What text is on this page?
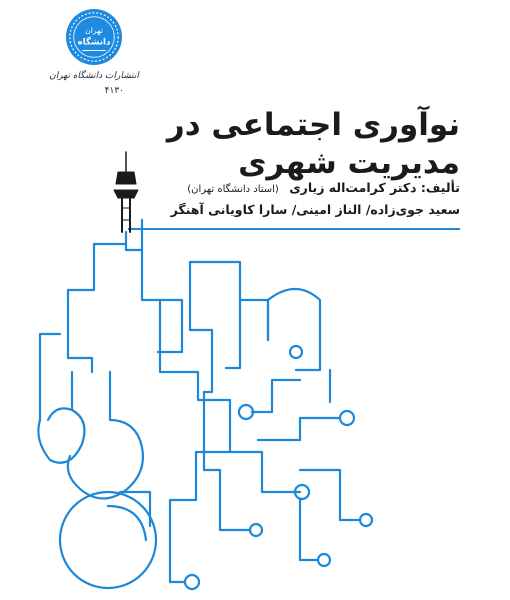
تهران
دانشگاه
انتشارات دانشگاه تهران
۴۱۳۰
نوآوری اجتماعی در
مدیریت شهری
تألیف: دکتر کرامت‌اله زیاری (استاد دانشگاه تهران)
سعید جوی‌زاده/ الناز امینی/ سارا کاویانی آهنگر
